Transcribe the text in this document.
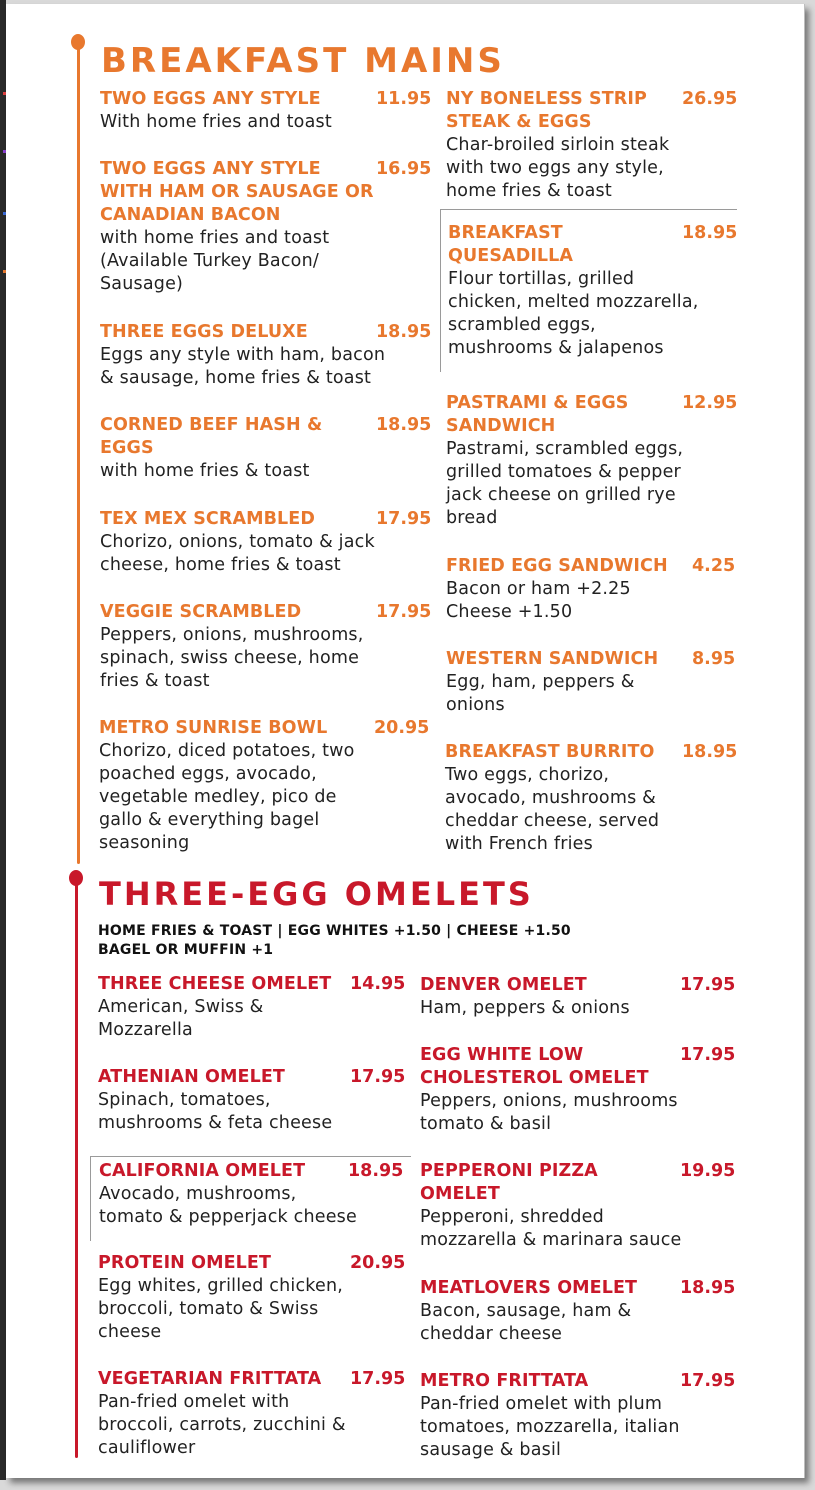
BREAKFAST MAINS

TWO EGGS ANY STYLE	11.95

With home fries and toast

TWO EGGS ANY STYLE
WITH HAM OR SAUSAGE OR
CANADIAN BACON

16.95

with home fries and toast
(Available Turkey Bacon/
Sausage)

THREE EGGS DELUXE	18.95

Eggs any style with ham, bacon
& sausage, home fries & toast

CORNED BEEF HASH &
EGGS

18.95

with home fries & toast

TEX MEX SCRAMBLED	17.95

Chorizo, onions, tomato & jack
cheese, home fries & toast

VEGGIE SCRAMBLED	17.95

Peppers, onions, mushrooms,
spinach, swiss cheese, home
fries & toast

METRO SUNRISE BOWL	20.95

Chorizo, diced potatoes, two
poached eggs, avocado,
vegetable medley, pico de
gallo & everything bagel
seasoning

NY BONELESS STRIP
STEAK & EGGS

26.95

Char-broiled sirloin steak
with two eggs any style,
home fries & toast

BREAKFAST
QUESADILLA

18.95

Flour tortillas, grilled
chicken, melted mozzarella,
scrambled eggs,
mushrooms & jalapenos

PASTRAMI & EGGS
SANDWICH

12.95

Pastrami, scrambled eggs,
grilled tomatoes & pepper
jack cheese on grilled rye
bread

FRIED EGG SANDWICH	4.25

Bacon or ham +2.25
Cheese +1.50

WESTERN SANDWICH	8.95

Egg, ham, peppers &
onions

BREAKFAST BURRITO	18.95

Two eggs, chorizo,
avocado, mushrooms &
cheddar cheese, served
with French fries

THREE-EGG OMELETS

HOME FRIES & TOAST | EGG WHITES +1.50 | CHEESE +1.50
BAGEL OR MUFFIN +1

THREE CHEESE OMELET	14.95

American, Swiss &
Mozzarella

ATHENIAN OMELET	17.95

Spinach, tomatoes,
mushrooms & feta cheese

CALIFORNIA OMELET	18.95

Avocado, mushrooms,
tomato & pepperjack cheese

PROTEIN OMELET	20.95

Egg whites, grilled chicken,
broccoli, tomato & Swiss
cheese

VEGETARIAN FRITTATA	17.95

Pan-fried omelet with
broccoli, carrots, zucchini &
cauliflower

DENVER OMELET	17.95

Ham, peppers & onions

EGG WHITE LOW
CHOLESTEROL OMELET

17.95

Peppers, onions, mushrooms
tomato & basil

PEPPERONI PIZZA
OMELET

19.95

Pepperoni, shredded
mozzarella & marinara sauce

MEATLOVERS OMELET	18.95

Bacon, sausage, ham &
cheddar cheese

METRO FRITTATA	17.95

Pan-fried omelet with plum
tomatoes, mozzarella, italian
sausage & basil
